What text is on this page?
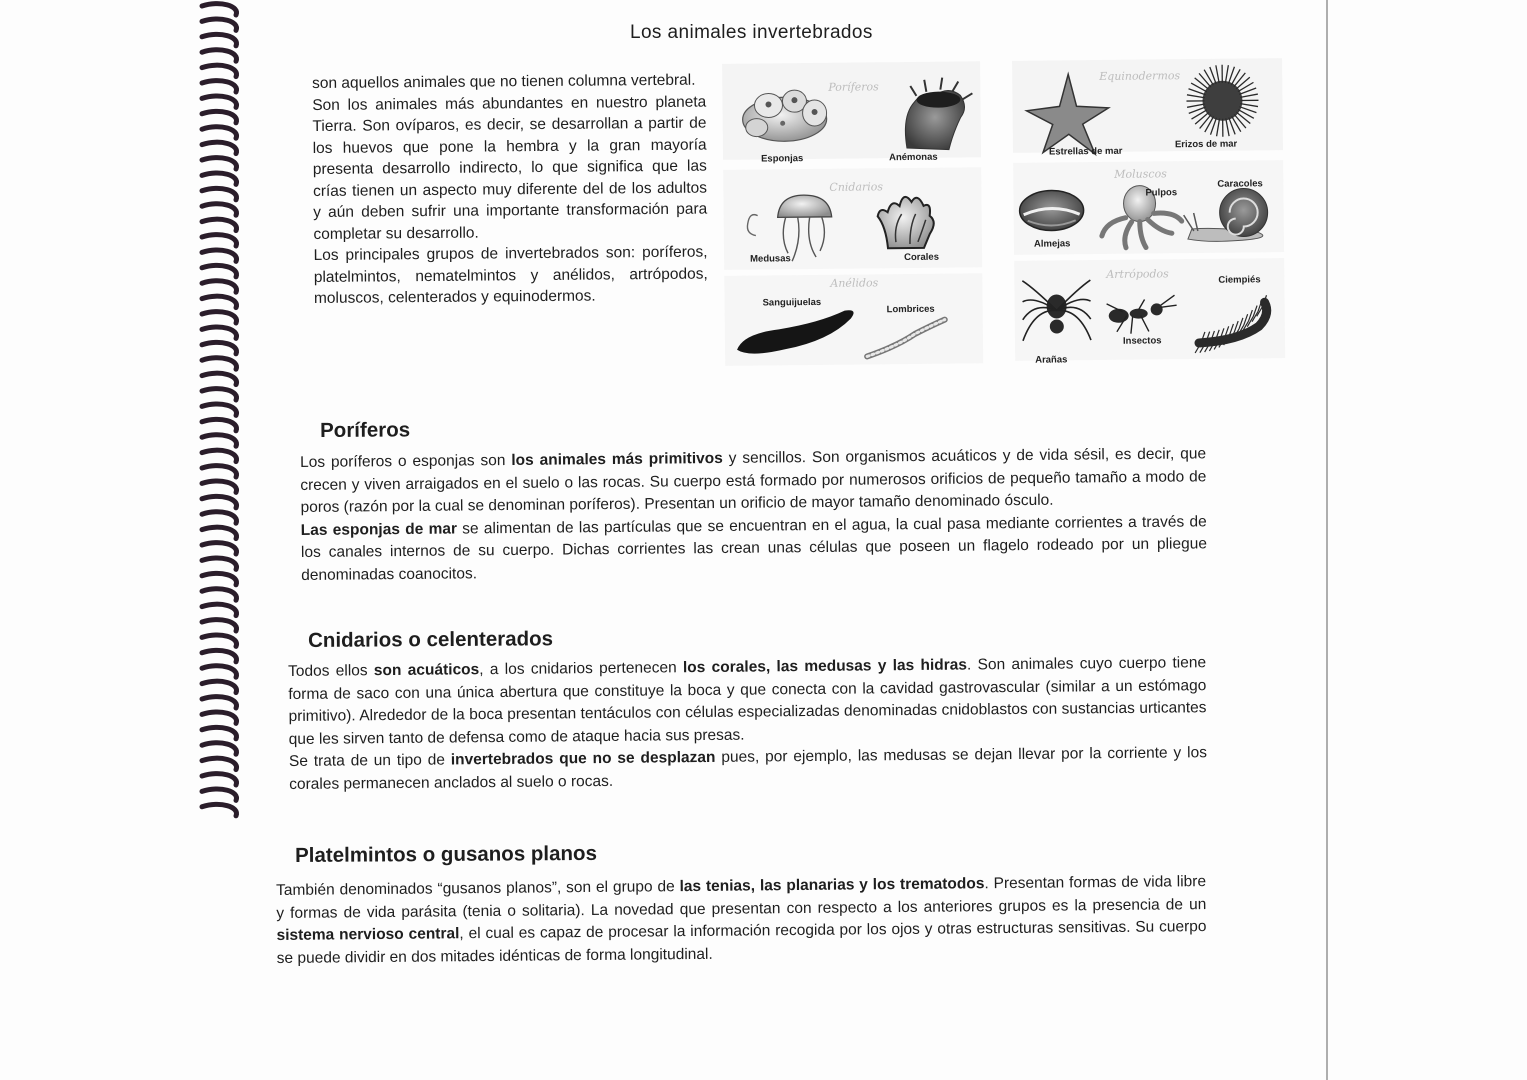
Los animales invertebrados

son aquellos animales que no tienen columna vertebral.

Son los animales más abundantes en nuestro planeta Tierra. Son ovíparos, es decir, se desarrollan a partir de los huevos que pone la hembra y la gran mayoría presenta desarrollo indirecto, lo que significa que las crías tienen un aspecto muy diferente del de los adultos y aún deben sufrir una importante transformación para completar su desarrollo.

Los principales grupos de invertebrados son: poríferos, platelmintos, nematelmintos y anélidos, artrópodos, moluscos, celenterados y equinodermos.

Poríferos
Equinodermos
Cnidarios
Moluscos
Anélidos
Artrópodos
Esponjas	Anémonas	Estrellas de mar
Erizos de mar
Medusas	Corales
Almejas
Pulpos
Caracoles
Sanguijuelas
Lombrices
Arañas
Insectos
Ciempiés
Poríferos

Los poríferos o esponjas son los animales más primitivos y sencillos. Son organismos acuáticos y de vida sésil, es decir, que crecen y viven arraigados en el suelo o las rocas. Su cuerpo está formado por numerosos orificios de pequeño tamaño a modo de poros (razón por la cual se denominan poríferos). Presentan un orificio de mayor tamaño denominado ósculo.

Las esponjas de mar se alimentan de las partículas que se encuentran en el agua, la cual pasa mediante corrientes a través de los canales internos de su cuerpo. Dichas corrientes las crean unas células que poseen un flagelo rodeado por un pliegue denominadas coanocitos.

Cnidarios o celenterados

Todos ellos son acuáticos, a los cnidarios pertenecen los corales, las medusas y las hidras. Son animales cuyo cuerpo tiene forma de saco con una única abertura que constituye la boca y que conecta con la cavidad gastrovascular (similar a un estómago primitivo). Alrededor de la boca presentan tentáculos con células especializadas denominadas cnidoblastos con sustancias urticantes que les sirven tanto de defensa como de ataque hacia sus presas.

Se trata de un tipo de invertebrados que no se desplazan pues, por ejemplo, las medusas se dejan llevar por la corriente y los corales permanecen anclados al suelo o rocas.

Platelmintos o gusanos planos

También denominados “gusanos planos”, son el grupo de las tenias, las planarias y los trematodos. Presentan formas de vida libre y formas de vida parásita (tenia o solitaria). La novedad que presentan con respecto a los anteriores grupos es la presencia de un sistema nervioso central, el cual es capaz de procesar la información recogida por los ojos y otras estructuras sensitivas. Su cuerpo se puede dividir en dos mitades idénticas de forma longitudinal.
